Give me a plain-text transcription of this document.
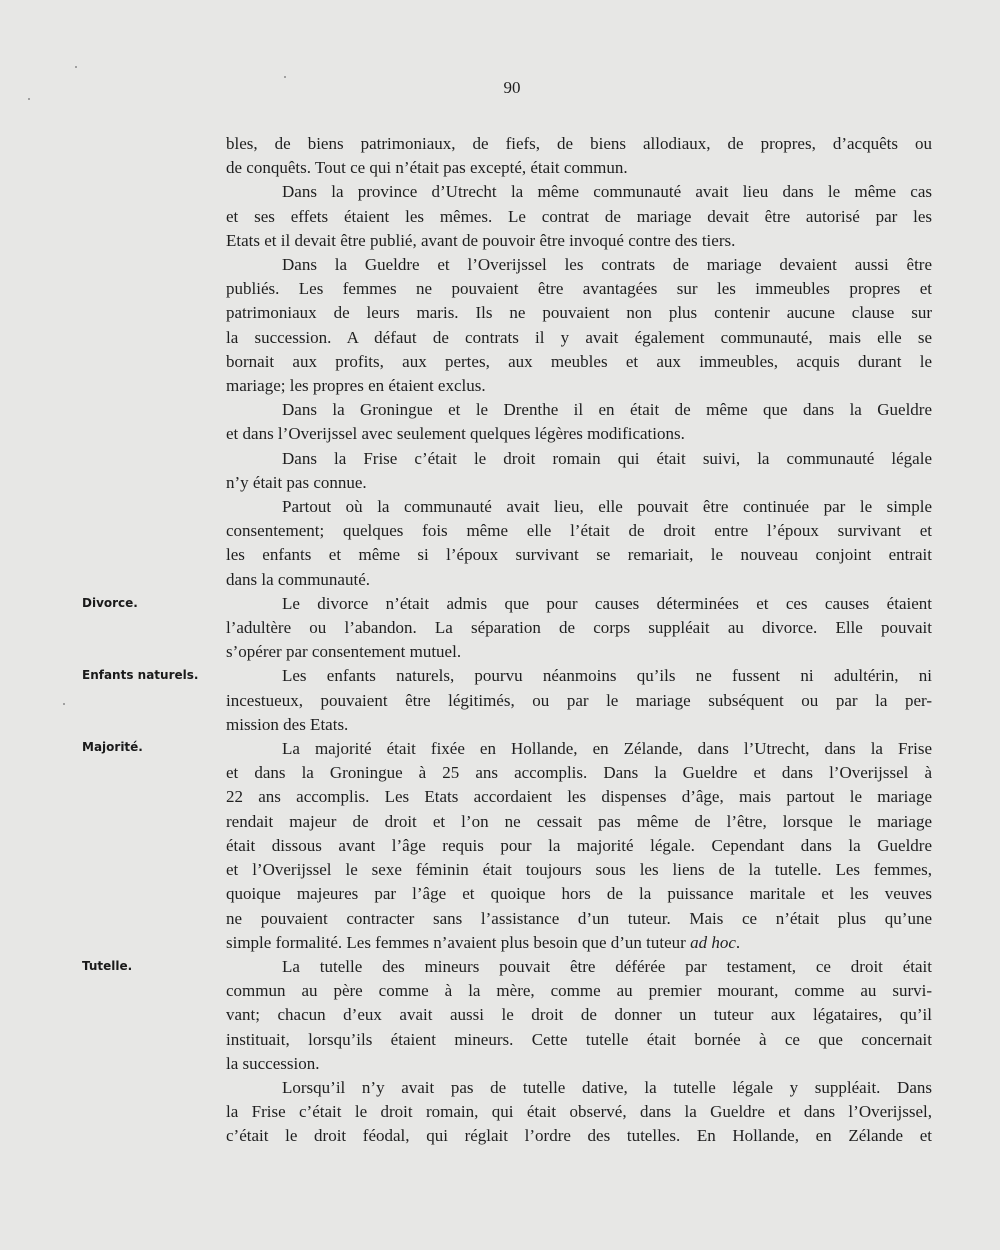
90
Divorce.
Enfants naturels.
Majorité.
Tutelle.

bles, de biens patrimoniaux, de fiefs, de biens allodiaux, de propres, d’acquêts ou

de conquêts. Tout ce qui n’était pas excepté, était commun.

Dans la province d’Utrecht la même communauté avait lieu dans le même cas

et ses effets étaient les mêmes. Le contrat de mariage devait être autorisé par les

Etats et il devait être publié, avant de pouvoir être invoqué contre des tiers.

Dans la Gueldre et l’Overijssel les contrats de mariage devaient aussi être

publiés. Les femmes ne pouvaient être avantagées sur les immeubles propres et

patrimoniaux de leurs maris. Ils ne pouvaient non plus contenir aucune clause sur

la succession. A défaut de contrats il y avait également communauté, mais elle se

bornait aux profits, aux pertes, aux meubles et aux immeubles, acquis durant le

mariage; les propres en étaient exclus.

Dans la Groningue et le Drenthe il en était de même que dans la Gueldre

et dans l’Overijssel avec seulement quelques légères modifications.

Dans la Frise c’était le droit romain qui était suivi, la communauté légale

n’y était pas connue.

Partout où la communauté avait lieu, elle pouvait être continuée par le simple

consentement; quelques fois même elle l’était de droit entre l’époux survivant et

les enfants et même si l’époux survivant se remariait, le nouveau conjoint entrait

dans la communauté.

Le divorce n’était admis que pour causes déterminées et ces causes étaient

l’adultère ou l’abandon. La séparation de corps suppléait au divorce. Elle pouvait

s’opérer par consentement mutuel.

Les enfants naturels, pourvu néanmoins qu’ils ne fussent ni adultérin, ni

incestueux, pouvaient être légitimés, ou par le mariage subséquent ou par la per-

mission des Etats.

La majorité était fixée en Hollande, en Zélande, dans l’Utrecht, dans la Frise

et dans la Groningue à 25 ans accomplis. Dans la Gueldre et dans l’Overijssel à

22 ans accomplis. Les Etats accordaient les dispenses d’âge, mais partout le mariage

rendait majeur de droit et l’on ne cessait pas même de l’être, lorsque le mariage

était dissous avant l’âge requis pour la majorité légale. Cependant dans la Gueldre

et l’Overijssel le sexe féminin était toujours sous les liens de la tutelle. Les femmes,

quoique majeures par l’âge et quoique hors de la puissance maritale et les veuves

ne pouvaient contracter sans l’assistance d’un tuteur. Mais ce n’était plus qu’une

simple formalité. Les femmes n’avaient plus besoin que d’un tuteur ad hoc.

La tutelle des mineurs pouvait être déférée par testament, ce droit était

commun au père comme à la mère, comme au premier mourant, comme au survi-

vant; chacun d’eux avait aussi le droit de donner un tuteur aux légataires, qu’il

instituait, lorsqu’ils étaient mineurs. Cette tutelle était bornée à ce que concernait

la succession.

Lorsqu’il n’y avait pas de tutelle dative, la tutelle légale y suppléait. Dans

la Frise c’était le droit romain, qui était observé, dans la Gueldre et dans l’Overijssel,

c’était le droit féodal, qui réglait l’ordre des tutelles. En Hollande, en Zélande et
